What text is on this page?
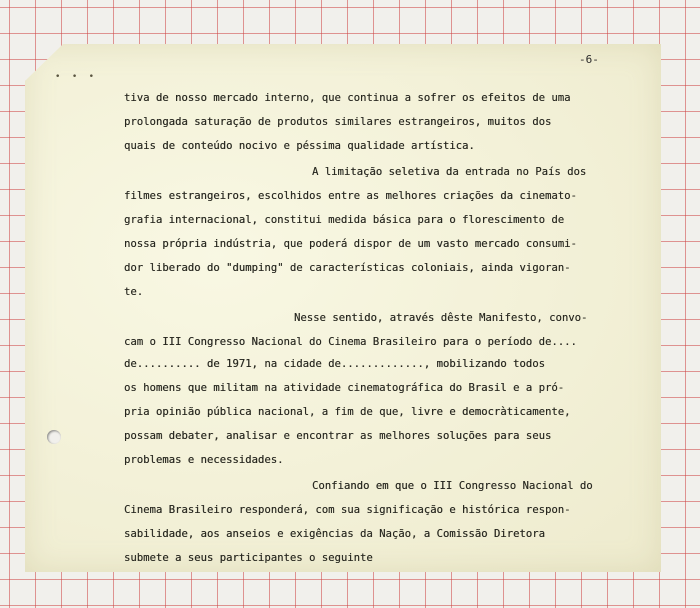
• • •
-6-

tiva de nosso mercado interno, que continua a sofrer os efeitos de uma

prolongada saturação de produtos similares estrangeiros, muitos dos

quais de conteúdo nocivo e péssima qualidade artística.

A limitação seletiva da entrada no País dos

filmes estrangeiros, escolhidos entre as melhores criações da cinemato-

grafia internacional, constitui medida básica para o florescimento de

nossa própria indústria, que poderá dispor de um vasto mercado consumi-

dor liberado do "dumping" de características coloniais, ainda vigoran-

te.

Nesse sentido, através dêste Manifesto, convo-

cam o III Congresso Nacional do Cinema Brasileiro para o período de....

de.......... de 1971, na cidade de............., mobilizando todos

os homens que militam na atividade cinematográfica do Brasil e a pró-

pria opinião pública nacional, a fim de que, livre e democràticamente,

possam debater, analisar e encontrar as melhores soluções para seus

problemas e necessidades.

Confiando em que o III Congresso Nacional do

Cinema Brasileiro responderá, com sua significação e histórica respon-

sabilidade, aos anseios e exigências da Nação, a Comissão Diretora

submete a seus participantes o seguinte
